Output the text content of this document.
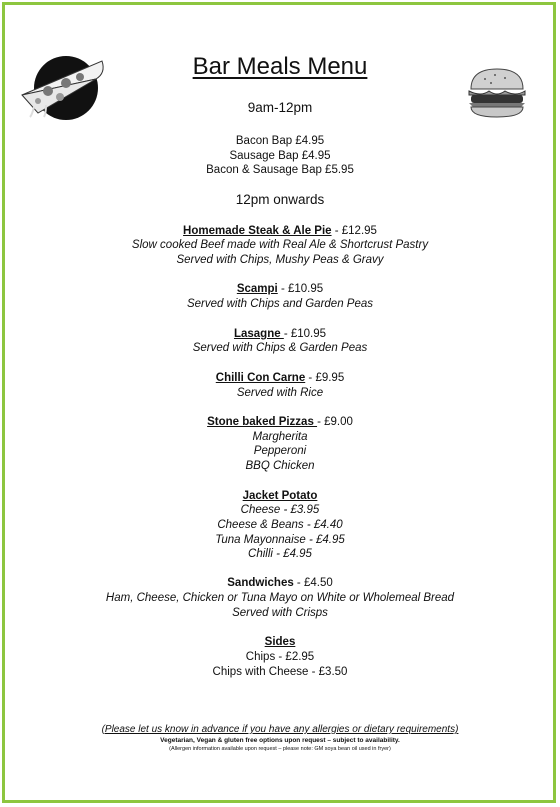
Bar Meals Menu
9am-12pm
Bacon Bap £4.95
Sausage Bap £4.95
Bacon & Sausage Bap £5.95
12pm onwards
Homemade Steak & Ale Pie - £12.95
Slow cooked Beef made with Real Ale & Shortcrust Pastry
Served with Chips, Mushy Peas & Gravy
Scampi - £10.95
Served with Chips and Garden Peas
Lasagne - £10.95
Served with Chips & Garden Peas
Chilli Con Carne - £9.95
Served with Rice
Stone baked Pizzas - £9.00
Margherita
Pepperoni
BBQ Chicken
Jacket Potato
Cheese - £3.95
Cheese & Beans - £4.40
Tuna Mayonnaise - £4.95
Chilli - £4.95
Sandwiches - £4.50
Ham, Cheese, Chicken or Tuna Mayo on White or Wholemeal Bread
Served with Crisps
Sides
Chips - £2.95
Chips with Cheese - £3.50
(Please let us know in advance if you have any allergies or dietary requirements)
Vegetarian, Vegan & gluten free options upon request – subject to availability.
(Allergen information available upon request – please note: GM soya bean oil used in fryer)
